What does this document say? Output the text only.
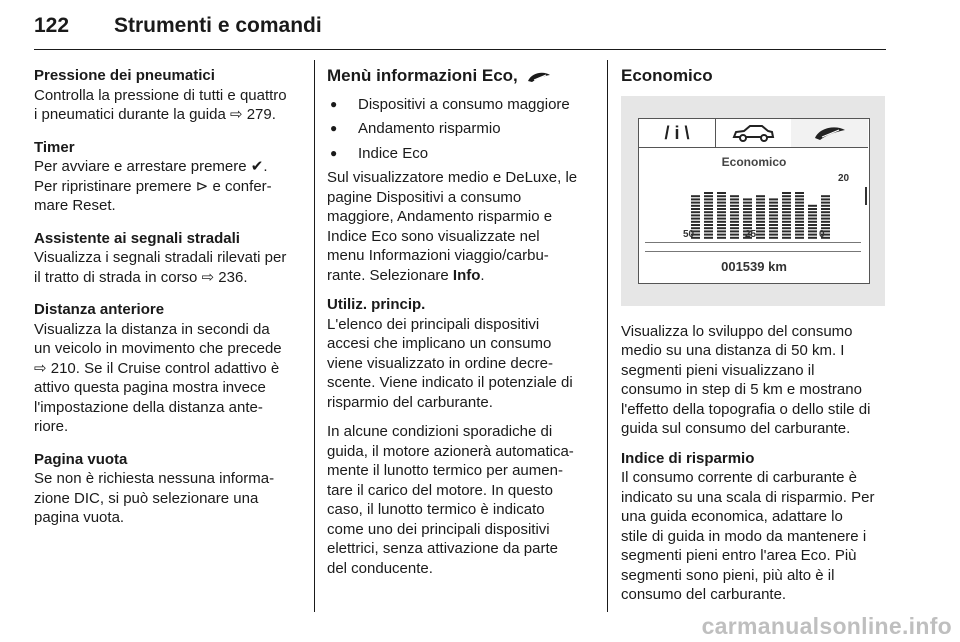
122 Strumenti e comandi
Pressione dei pneumatici
Controlla la pressione di tutti e quattro
i pneumatici durante la guida ⇨ 279.
Timer
Per avviare e arrestare premere ✔.
Per ripristinare premere ⊳ e confer-
mare Reset.
Assistente ai segnali stradali
Visualizza i segnali stradali rilevati per
il tratto di strada in corso ⇨ 236.
Distanza anteriore
Visualizza la distanza in secondi da
un veicolo in movimento che precede
⇨ 210. Se il Cruise control adattivo è
attivo questa pagina mostra invece
l'impostazione della distanza ante-
riore.
Pagina vuota
Se non è richiesta nessuna informa-
zione DIC, si può selezionare una
pagina vuota.
Menù informazioni Eco,
● Dispositivi a consumo maggiore
● Andamento risparmio
● Indice Eco
Sul visualizzatore medio e DeLuxe, le
pagine Dispositivi a consumo
maggiore, Andamento risparmio e
Indice Eco sono visualizzate nel
menu Informazioni viaggio/carbu-
rante. Selezionare Info.
Utiliz. princip.
L'elenco dei principali dispositivi
accesi che implicano un consumo
viene visualizzato in ordine decre-
scente. Viene indicato il potenziale di
risparmio del carburante.
In alcune condizioni sporadiche di
guida, il motore azionerà automatica-
mente il lunotto termico per aumen-
tare il carico del motore. In questo
caso, il lunotto termico è indicato
come uno dei principali dispositivi
elettrici, senza attivazione da parte
del conducente.
Economico
/ i \
Economico
20
50	25	0
001539 km
Visualizza lo sviluppo del consumo
medio su una distanza di 50 km. I
segmenti pieni visualizzano il
consumo in step di 5 km e mostrano
l'effetto della topografia o dello stile di
guida sul consumo del carburante.
Indice di risparmio
Il consumo corrente di carburante è
indicato su una scala di risparmio. Per
una guida economica, adattare lo
stile di guida in modo da mantenere i
segmenti pieni entro l'area Eco. Più
segmenti sono pieni, più alto è il
consumo del carburante.
carmanualsonline.info
